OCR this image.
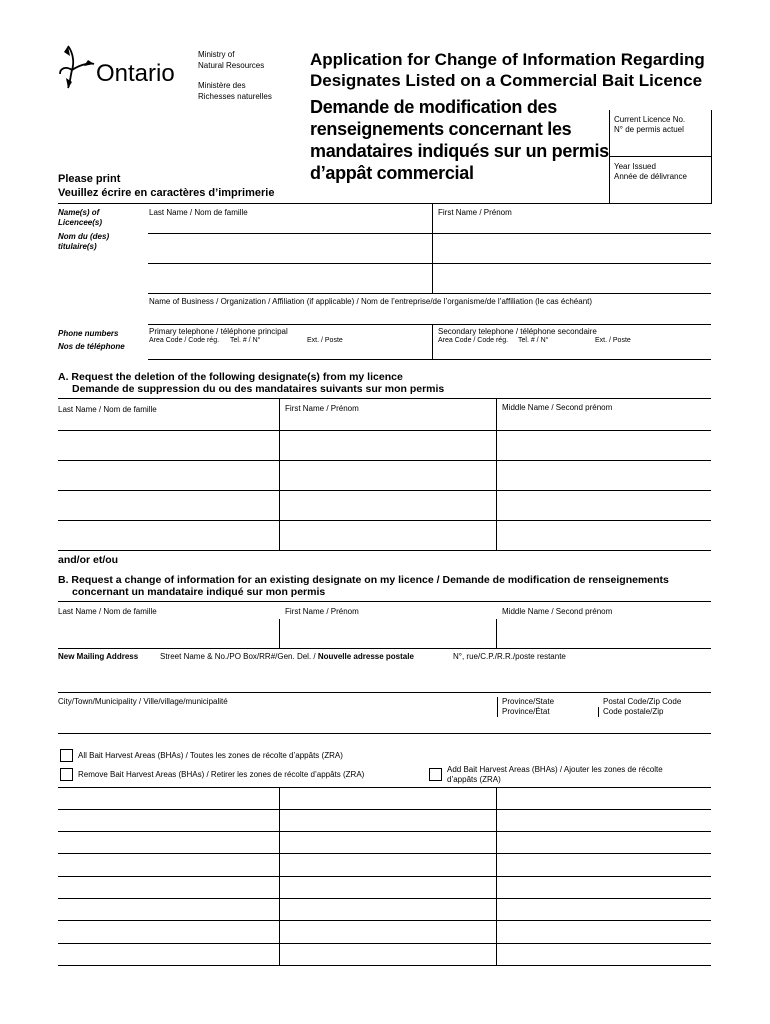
Ontario
Ministry of
Natural Resources
Ministère des
Richesses naturelles
Application for Change of Information Regarding
Designates Listed on a Commercial Bait Licence
Demande de modification des
renseignements concernant les
mandataires indiqués sur un permis
d’appât commercial
Current Licence No.
N° de permis actuel
Year Issued
Année de délivrance
Please print
Veuillez écrire en caractères d’imprimerie
Name(s) of
Licencee(s)
Nom du (des)
titulaire(s)
Last Name / Nom de famille	First Name / Prénom
Name of Business / Organization / Affiliation (if applicable) / Nom de l’entreprise/de l’organisme/de l’affiliation (le cas échéant)
Phone numbers
Nos de téléphone
Primary telephone / téléphone principal
Area Code / Code rég. Tel. # / N°	Ext. / Poste
Secondary telephone / téléphone secondaire
Area Code / Code rég. Tel. # / N°	Ext. / Poste
A. Request the deletion of the following designate(s) from my licence
Demande de suppression du ou des mandataires suivants sur mon permis
Last Name / Nom de famille	First Name / Prénom	Middle Name / Second prénom
and/or et/ou
B. Request a change of information for an existing designate on my licence / Demande de modification de renseignements
concernant un mandataire indiqué sur mon permis
Last Name / Nom de famille	First Name / Prénom	Middle Name / Second prénom
New Mailing Address	Street Name & No./PO Box/RR#/Gen. Del. / Nouvelle adresse postale	N°, rue/C.P./R.R./poste restante
City/Town/Municipality / Ville/village/municipalité	Province/State
Province/État
Postal Code/Zip Code
Code postale/Zip
All Bait Harvest Areas (BHAs) / Toutes les zones de récolte d’appâts (ZRA)
Remove Bait Harvest Areas (BHAs) / Retirer les zones de récolte d’appâts (ZRA)
Add Bait Harvest Areas (BHAs) / Ajouter les zones de récolte
d’appâts (ZRA)
